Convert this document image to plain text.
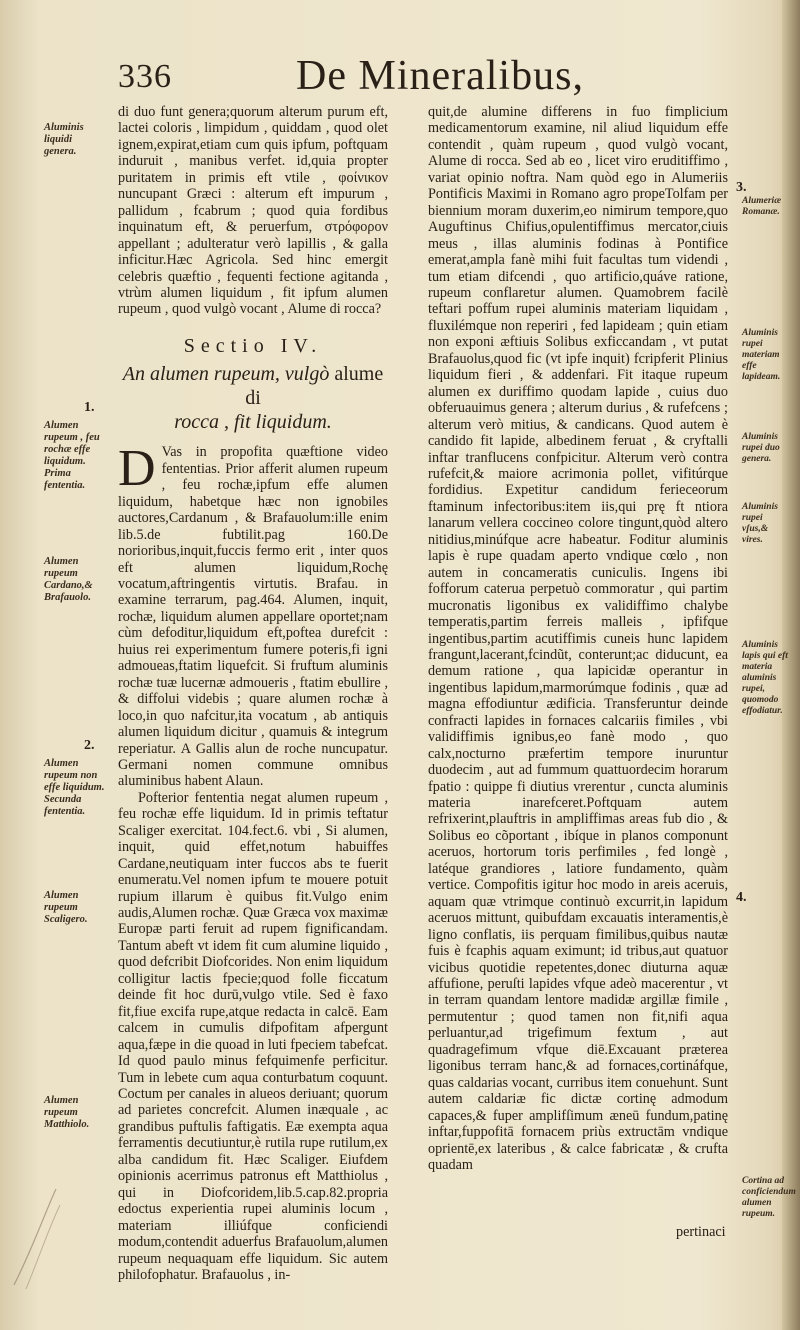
336	De Mineralibus,

di duo funt genera;quorum alterum purum eft, lactei coloris , limpidum , quiddam , quod olet ignem,expirat,etiam cum quis ipfum, poftquam induruit , manibus verfet. id,quia propter puritatem in primis eft vtile , φοίνικον nuncupant Græci : alterum eft impurum , pallidum , fcabrum ; quod quia fordibus inquinatum eft, & peruerfum, στρόφορον appellant ; adulteratur verò lapillis , & galla inficitur.Hæc Agricola. Sed hinc emergit celebris quæftio , fequenti fectione agitanda , vtrùm alumen liquidum , fit ipfum alumen rupeum , quod vulgò vocant , Alume di rocca?

Sectio IV.
An alumen rupeum, vulgò alume di
rocca , fit liquidum.

D Vas in propofita quæftione video fententias. Prior afferit alumen rupeum , feu rochæ,ipfum effe alumen liquidum, habetque hæc non ignobiles auctores,Cardanum , & Brafauolum:ille enim lib.5.de fubtilit.pag 160.De norioribus,inquit,fuccis fermo erit , inter quos eft alumen liquidum,Rochę vocatum,aftringentis virtutis. Brafau. in examine terrarum, pag.464. Alumen, inquit, rochæ, liquidum alumen appellare oportet;nam cùm defoditur,liquidum eft,poftea durefcit : huius rei experimentum fumere poteris,fi igni admoueas,ftatim liquefcit. Si fruftum aluminis rochæ tuæ lucernæ admoueris , ftatim ebullire , & diffolui videbis ; quare alumen rochæ à loco,in quo nafcitur,ita vocatum , ab antiquis alumen liquidum dicitur , quamuis & integrum reperiatur. A Gallis alun de roche nuncupatur. Germani nomen commune omnibus aluminibus habent Alaun.

Pofterior fententia negat alumen rupeum , feu rochæ effe liquidum. Id in primis teftatur Scaliger exercitat. 104.fect.6. vbi , Si alumen, inquit, quid effet,notum habuiffes Cardane,neutiquam inter fuccos abs te fuerit enumeratu.Vel nomen ipfum te mouere potuit rupium illarum è quibus fit.Vulgo enim audis,Alumen rochæ. Quæ Græca vox maximæ Europæ parti feruit ad rupem fignificandam. Tantum abeft vt idem fit cum alumine liquido , quod defcribit Diofcorides. Non enim liquidum colligitur lactis fpecie;quod folle ficcatum deinde fit hoc durū,vulgo vtile. Sed è faxo fit,fiue excifa rupe,atque redacta in calcē. Eam calcem in cumulis difpofitam afpergunt aqua,fæpe in die quoad in luti fpeciem tabefcat. Id quod paulo minus fefquimenfe perficitur. Tum in lebete cum aqua conturbatum coquunt. Coctum per canales in alueos deriuant; quorum ad parietes concrefcit. Alumen inæquale , ac grandibus puftulis faftigatis. Eæ exempta aqua ferramentis decutiuntur,è rutila rupe rutilum,ex alba candidum fit. Hæc Scaliger. Eiufdem opinionis acerrimus patronus eft Matthiolus , qui in Diofcoridem,lib.5.cap.82.propria edoctus experientia rupei aluminis locum , materiam illiúfque conficiendi modum,contendit aduerfus Brafauolum,alumen rupeum nequaquam effe liquidum. Sic autem philofophatur. Brafauolus , in-

quit,de alumine differens in fuo fimplicium medicamentorum examine, nil aliud liquidum effe contendit , quàm rupeum , quod vulgò vocant, Alume di rocca. Sed ab eo , licet viro eruditiffimo , variat opinio noftra. Nam quòd ego in Alumeriis Pontificis Maximi in Romano agro propeTolfam per biennium moram duxerim,eo nimirum tempore,quo Auguftinus Chifius,opulentiffimus mercator,ciuis meus , illas aluminis fodinas à Pontifice emerat,ampla fanè mihi fuit facultas tum videndi , tum etiam difcendi , quo artificio,quáve ratione, rupeum conflaretur alumen. Quamobrem facilè teftari poffum rupei aluminis materiam liquidam , fluxilémque non reperiri , fed lapideam ; quin etiam non exponi æftiuis Solibus exficcandam , vt putat Brafauolus,quod fic (vt ipfe inquit) fcripferit Plinius liquidum fieri , & addenfari. Fit itaque rupeum alumen ex duriffimo quodam lapide , cuius duo obferuauimus genera ; alterum durius , & rufefcens ; alterum verò mitius, & candicans. Quod autem è candido fit lapide, albedinem feruat , & cryftalli inftar tranflucens confpicitur. Alterum verò contra rufefcit,& maiore acrimonia pollet, vifitúrque fordidius. Expetitur candidum ferieceorum ftaminum infectoribus:item iis,qui prę ft ntiora lanarum vellera coccineo colore tingunt,quòd altero nitidius,minúfque acre habeatur. Foditur aluminis lapis è rupe quadam aperto vndique cœlo , non autem in concameratis cuniculis. Ingens ibi fofforum caterua perpetuò commoratur , qui partim mucronatis ligonibus ex validiffimo chalybe temperatis,partim ferreis malleis , ipfifque ingentibus,partim acutiffimis cuneis hunc lapidem frangunt,lacerant,fcindũt, conterunt;ac diducunt, ea demum ratione , qua lapicidæ operantur in ingentibus lapidum,marmorúmque fodinis , quæ ad magna effodiuntur ædificia. Transferuntur deinde confracti lapides in fornaces calcariis fimiles , vbi validiffimis ignibus,eo fanè modo , quo calx,nocturno præfertim tempore inuruntur duodecim , aut ad fummum quattuordecim horarum fpatio : quippe fi diutius vrerentur , cuncta aluminis materia inarefceret.Poftquam autem refrixerint,plauftris in ampliffimas areas fub dio , & Solibus eo cõportant , ibíque in planos componunt aceruos, hortorum toris perfimiles , fed longè , latéque grandiores , latiore fundamento, quàm vertice. Compofitis igitur hoc modo in areis aceruis, aquam quæ vtrimque continuò excurrit,in lapidum aceruos mittunt, quibufdam excauatis interamentis,è ligno conflatis, iis perquam fimilibus,quibus nautæ fuis è fcaphis aquam eximunt; id tribus,aut quatuor vicibus quotidie repetentes,donec diuturna aquæ affufione, peruſti lapides vfque adeò macerentur , vt in terram quandam lentore madidæ argillæ fimile , permutentur ; quod tamen non fit,nifi aqua perluantur,ad trigefimum fextum , aut quadragefimum vfque diē.Excauant præterea ligonibus terram hanc,& ad fornaces,cortináfque, quas caldarias vocant, curribus item conuehunt. Sunt autem caldariæ fic dictæ cortinę admodum capaces,& fuper amplifſimum æneū fundum,patinę inftar,fuppofitā fornacem priùs extructām vndique oprientē,ex lateribus , & calce fabricatæ , & crufta quadam

pertinaci
Aluminis liquidi genera.
1.
Alumen rupeum , feu rochæ effe liquidum. Prima fententia.
Alumen rupeum Cardano,& Brafauolo.
2.
Alumen rupeum non effe liquidum. Secunda fententia.
Alumen rupeum Scaligero.
Alumen rupeum Matthiolo.
3.
Alumeriæ Romanæ.
Aluminis rupei materiam effe lapideam.
Aluminis rupei duo genera.
Aluminis rupei vſus,& vires.
Aluminis lapis qui eft materia aluminis rupei, quomodo effodiatur.
4.
Cortina ad conficiendum alumen rupeum.
